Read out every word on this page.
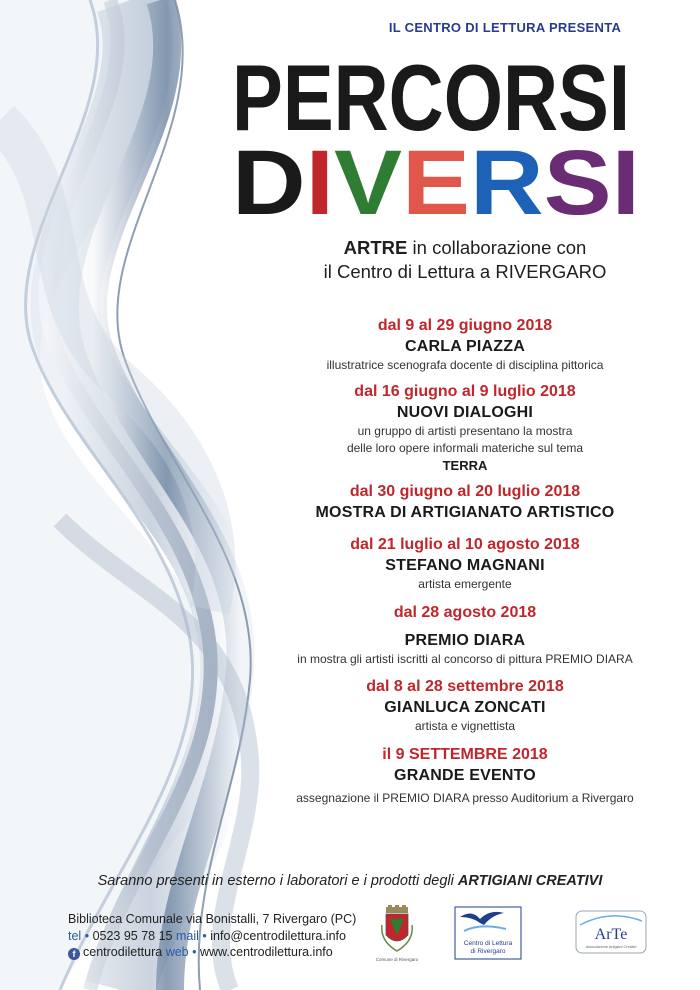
IL CENTRO DI LETTURA PRESENTA
PERCORSI
DIVERSI
ARTRE in collaborazione con
il Centro di Lettura a RIVERGARO
dal 9 al 29 giugno 2018
CARLA PIAZZA
illustratrice scenografa docente di disciplina pittorica
dal 16 giugno al 9 luglio 2018
NUOVI DIALOGHI
un gruppo di artisti presentano la mostra
delle loro opere informali materiche sul tema
TERRA
dal 30 giugno al 20 luglio 2018
MOSTRA DI ARTIGIANATO ARTISTICO
dal 21 luglio al 10 agosto 2018
STEFANO MAGNANI
artista emergente
dal 28 agosto 2018
PREMIO DIARA
in mostra gli artisti iscritti al concorso di pittura PREMIO DIARA
dal 8 al 28 settembre 2018
GIANLUCA ZONCATI
artista e vignettista
il 9 SETTEMBRE 2018
GRANDE EVENTO
assegnazione il PREMIO DIARA presso Auditorium a Rivergaro
Saranno presenti in esterno i laboratori e i prodotti degli ARTIGIANI CREATIVI
Biblioteca Comunale via Bonistalli, 7 Rivergaro (PC)
tel • 0523 95 78 15 mail • info@centrodilettura.info
f centrodilettura web • www.centrodilettura.info
Comune di Rivergaro
Centro di Lettura
di Rivergaro
ArTe
Associazione Artigiani Creativi
